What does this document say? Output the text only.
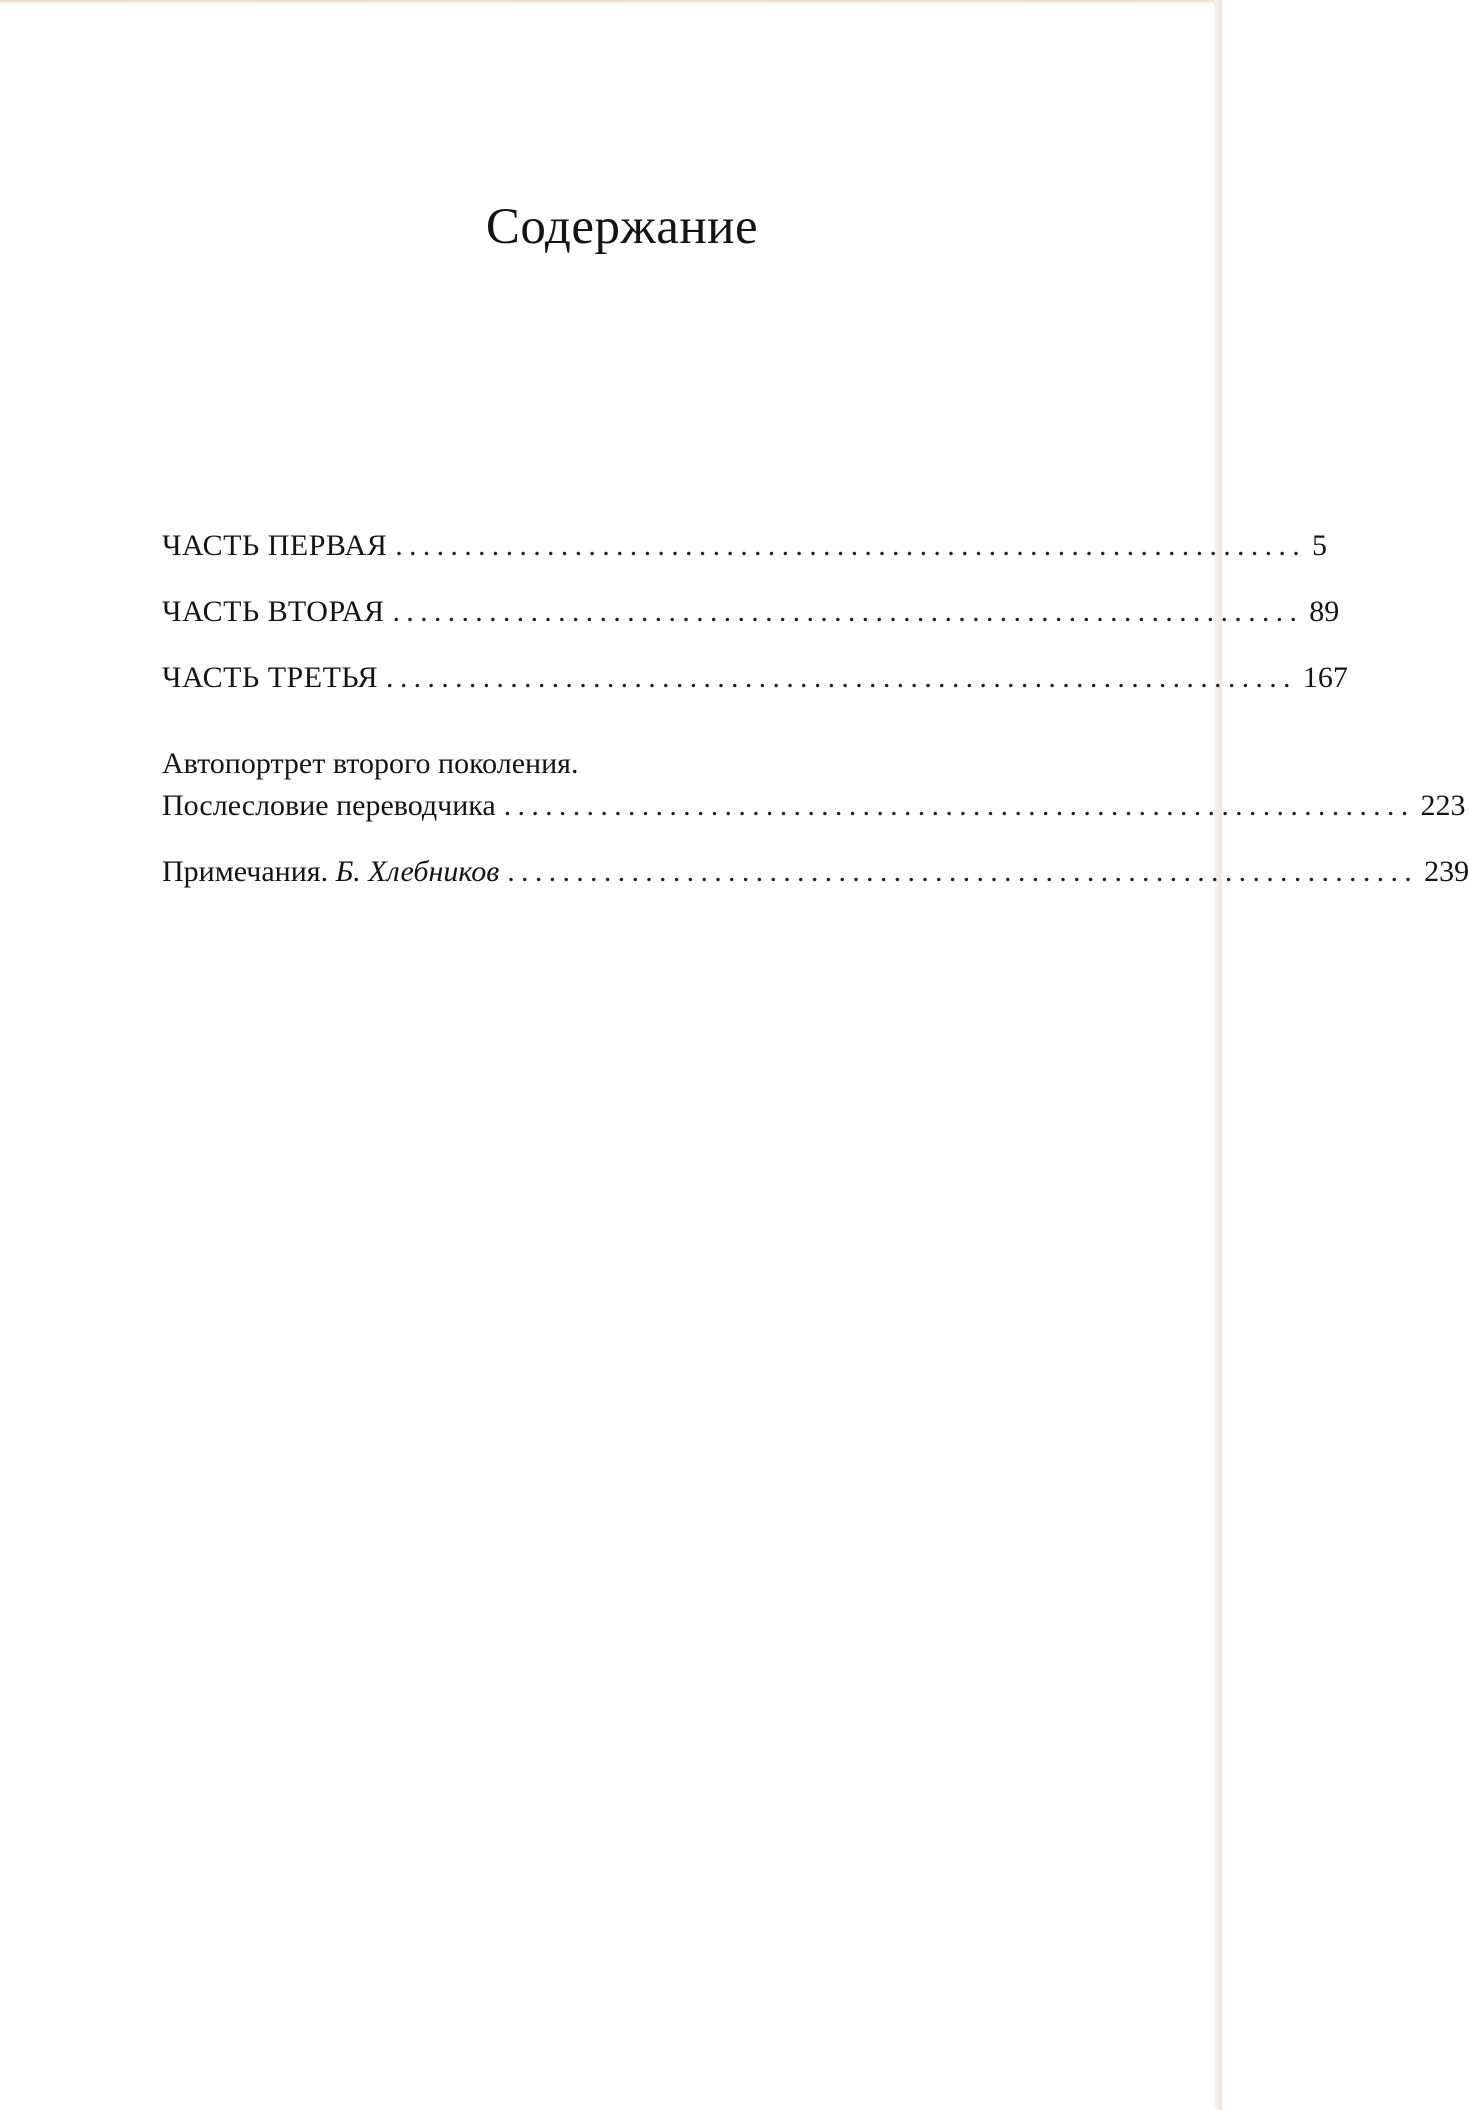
Содержание
ЧАСТЬ ПЕРВАЯ .................................................................. 5
ЧАСТЬ ВТОРАЯ .................................................................. 89
ЧАСТЬ ТРЕТЬЯ .................................................................. 167
Автопортрет второго поколения.
Послесловие переводчика .................................................................. 223
Примечания. Б. Хлебников .................................................................. 239
